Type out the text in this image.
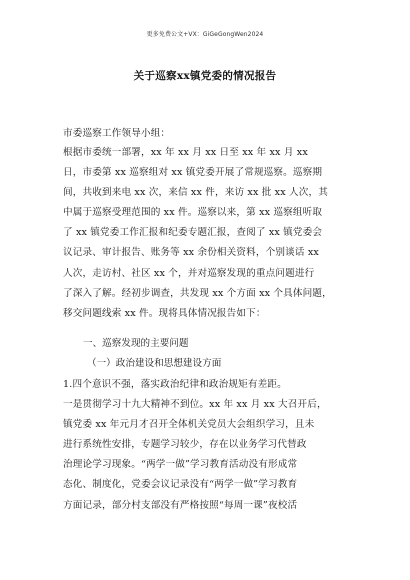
更多免费公文+VX：GiGeGongWen2024
关于巡察xx镇党委的情况报告

市委巡察工作领导小组：

根据市委统一部署，xx 年 xx 月 xx 日至 xx 年 xx 月 xx

日，市委第 xx 巡察组对 xx 镇党委开展了常规巡察。巡察期

间，共收到来电 xx 次，来信 xx 件，来访 xx 批 xx 人次，其

中属于巡察受理范围的 xx 件。巡察以来，第 xx 巡察组听取

了 xx 镇党委工作汇报和纪委专题汇报，查阅了 xx 镇党委会

议记录、审计报告、账务等 xx 余份相关资料，个别谈话 xx

人次，走访村、社区 xx 个，并对巡察发现的重点问题进行

了深入了解。经初步调查，共发现 xx 个方面 xx 个具体问题，

移交问题线索 xx 件。现将具体情况报告如下：

一、巡察发现的主要问题
（一）政治建设和思想建设方面

1.四个意识不强，落实政治纪律和政治规矩有差距。

一是贯彻学习十九大精神不到位。xx 年 xx 月 xx 大召开后，

镇党委 xx 年元月才召开全体机关党员大会组织学习，且未

进行系统性安排，专题学习较少，存在以业务学习代替政

治理论学习现象。“两学一做”学习教育活动没有形成常

态化、制度化，党委会议记录没有“两学一做”学习教育

方面记录，部分村支部没有严格按照“每周一课”夜校活
